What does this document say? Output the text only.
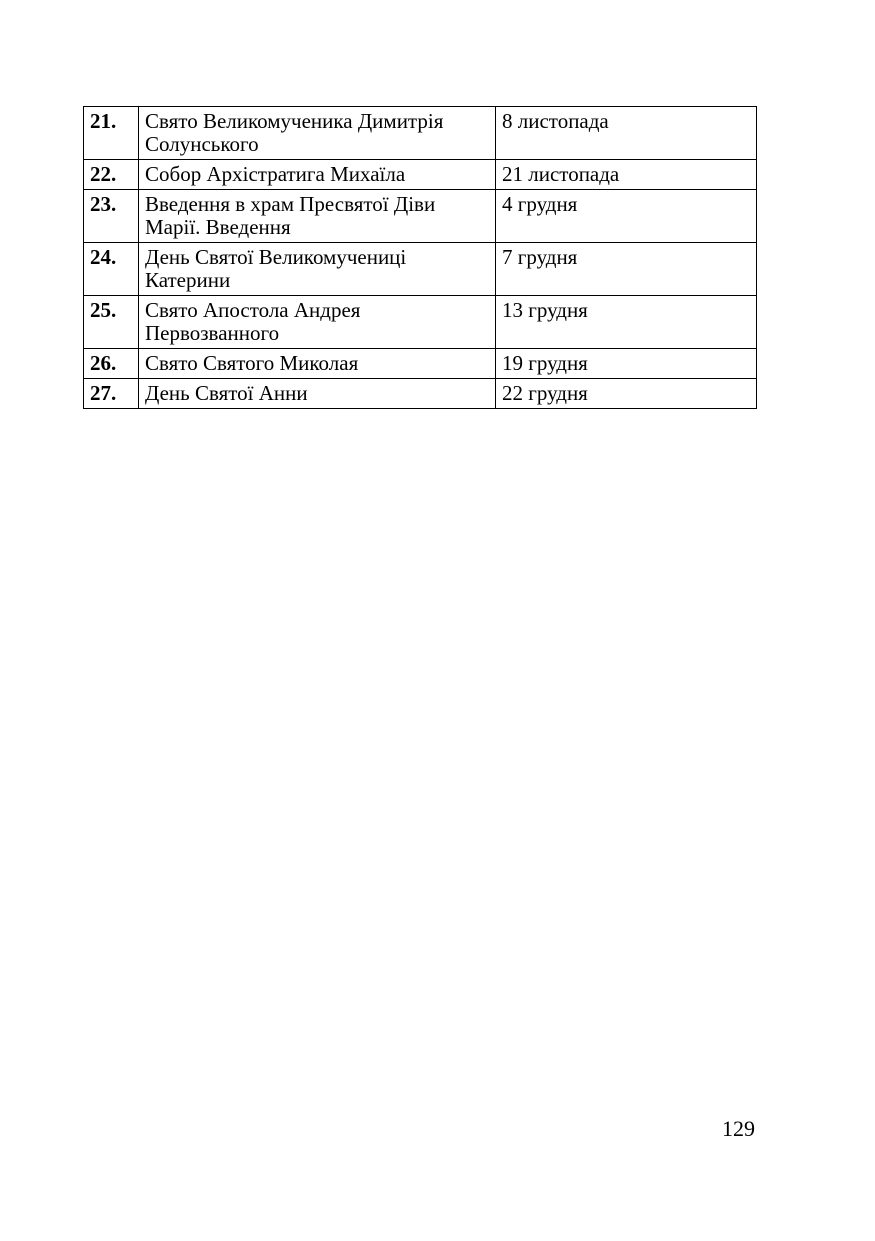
21.	Свято Великомученика Димитрія Солунського	8 листопада
22.	Собор Архістратига Михаїла	21 листопада
23.	Введення в храм Пресвятої Діви Марії. Введення	4 грудня
24.	День Святої Великомучениці Катерини	7 грудня
25.	Свято Апостола Андрея Первозванного	13 грудня
26.	Свято Святого Миколая	19 грудня
27.	День Святої Анни	22 грудня
129
